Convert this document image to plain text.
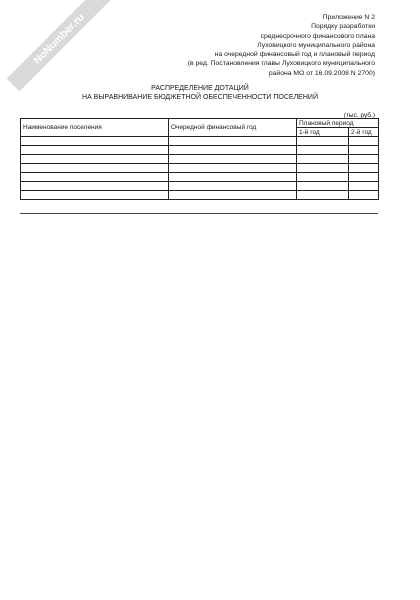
NoNumber.ru	Приложение N 2
Порядку разработки
среднесрочного финансового плана
Луховицкого муниципального района
на очередной финансовый год и плановый период
(в ред. Постановления главы Луховицкого муниципального
района МО от 16.09.2008 N 2700)
РАСПРЕДЕЛЕНИЕ ДОТАЦИЙ
НА ВЫРАВНИВАНИЕ БЮДЖЕТНОЙ ОБЕСПЕЧЕННОСТИ ПОСЕЛЕНИЙ
(тыс. руб.)
Наименование поселения	Очередной финансовый год	Плановый период	
		1-й год	2-й год
